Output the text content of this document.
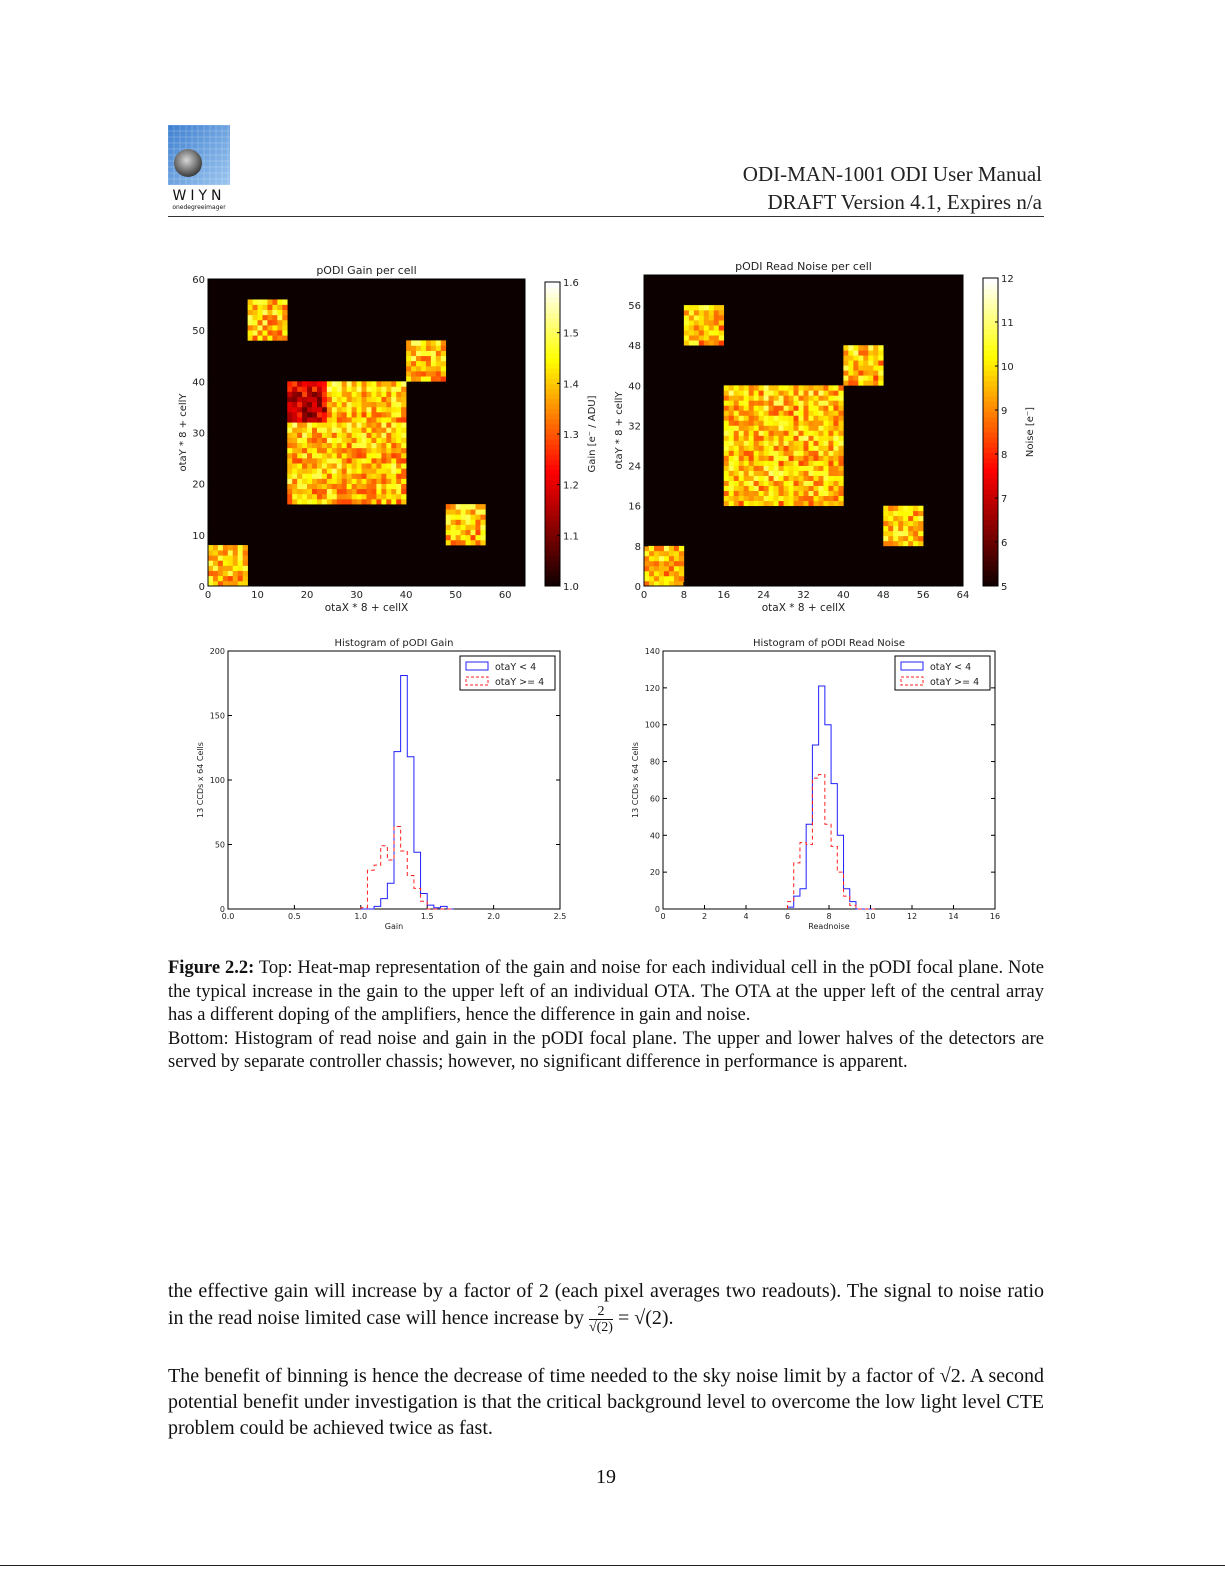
WIYN
onedegreeimager
ODI-MAN-1001 ODI User Manual
DRAFT Version 4.1, Expires n/a
pODI Gain per cell
0	10	20	30	40	50	60
0
10
20
30
40
50
60
otaX * 8 + cellX
otaY * 8 + cellY
1.0
1.1
1.2
1.3
1.4
1.5
1.6
Gain [e⁻ / ADU]
pODI Read Noise per cell
0	8	16	24	32	40	48	56	64
0
8
16
24
32
40
48
56
otaX * 8 + cellX
otaY * 8 + cellY
5
6
7
8
9
10
11
12
Noise [e⁻]
Histogram of pODI Gain
0.0	0.5	1.0	1.5	2.0	2.5
0
50
100
150
200
Gain
13 CCDs x 64 Cells
otaY < 4
otaY >= 4
Histogram of pODI Read Noise
0	2	4	6	8	10	12	14	16
0
20
40
60
80
100
120
140
Readnoise
13 CCDs x 64 Cells
otaY < 4
otaY >= 4

Figure 2.2: Top: Heat-map representation of the gain and noise for each individual cell in the pODI focal plane. Note the typical increase in the gain to the upper left of an individual OTA. The OTA at the upper left of the central array has a different doping of the amplifiers, hence the difference in gain and noise.

Bottom: Histogram of read noise and gain in the pODI focal plane. The upper and lower halves of the detectors are served by separate controller chassis; however, no significant difference in performance is apparent.

the effective gain will increase by a factor of 2 (each pixel averages two readouts). The signal to noise ratio in the read noise limited case will hence increase by $\frac{2}{√(2)} = √(2)$.

The benefit of binning is hence the decrease of time needed to the sky noise limit by a factor of √2. A second potential benefit under investigation is that the critical background level to overcome the low light level CTE problem could be achieved twice as fast.

19
